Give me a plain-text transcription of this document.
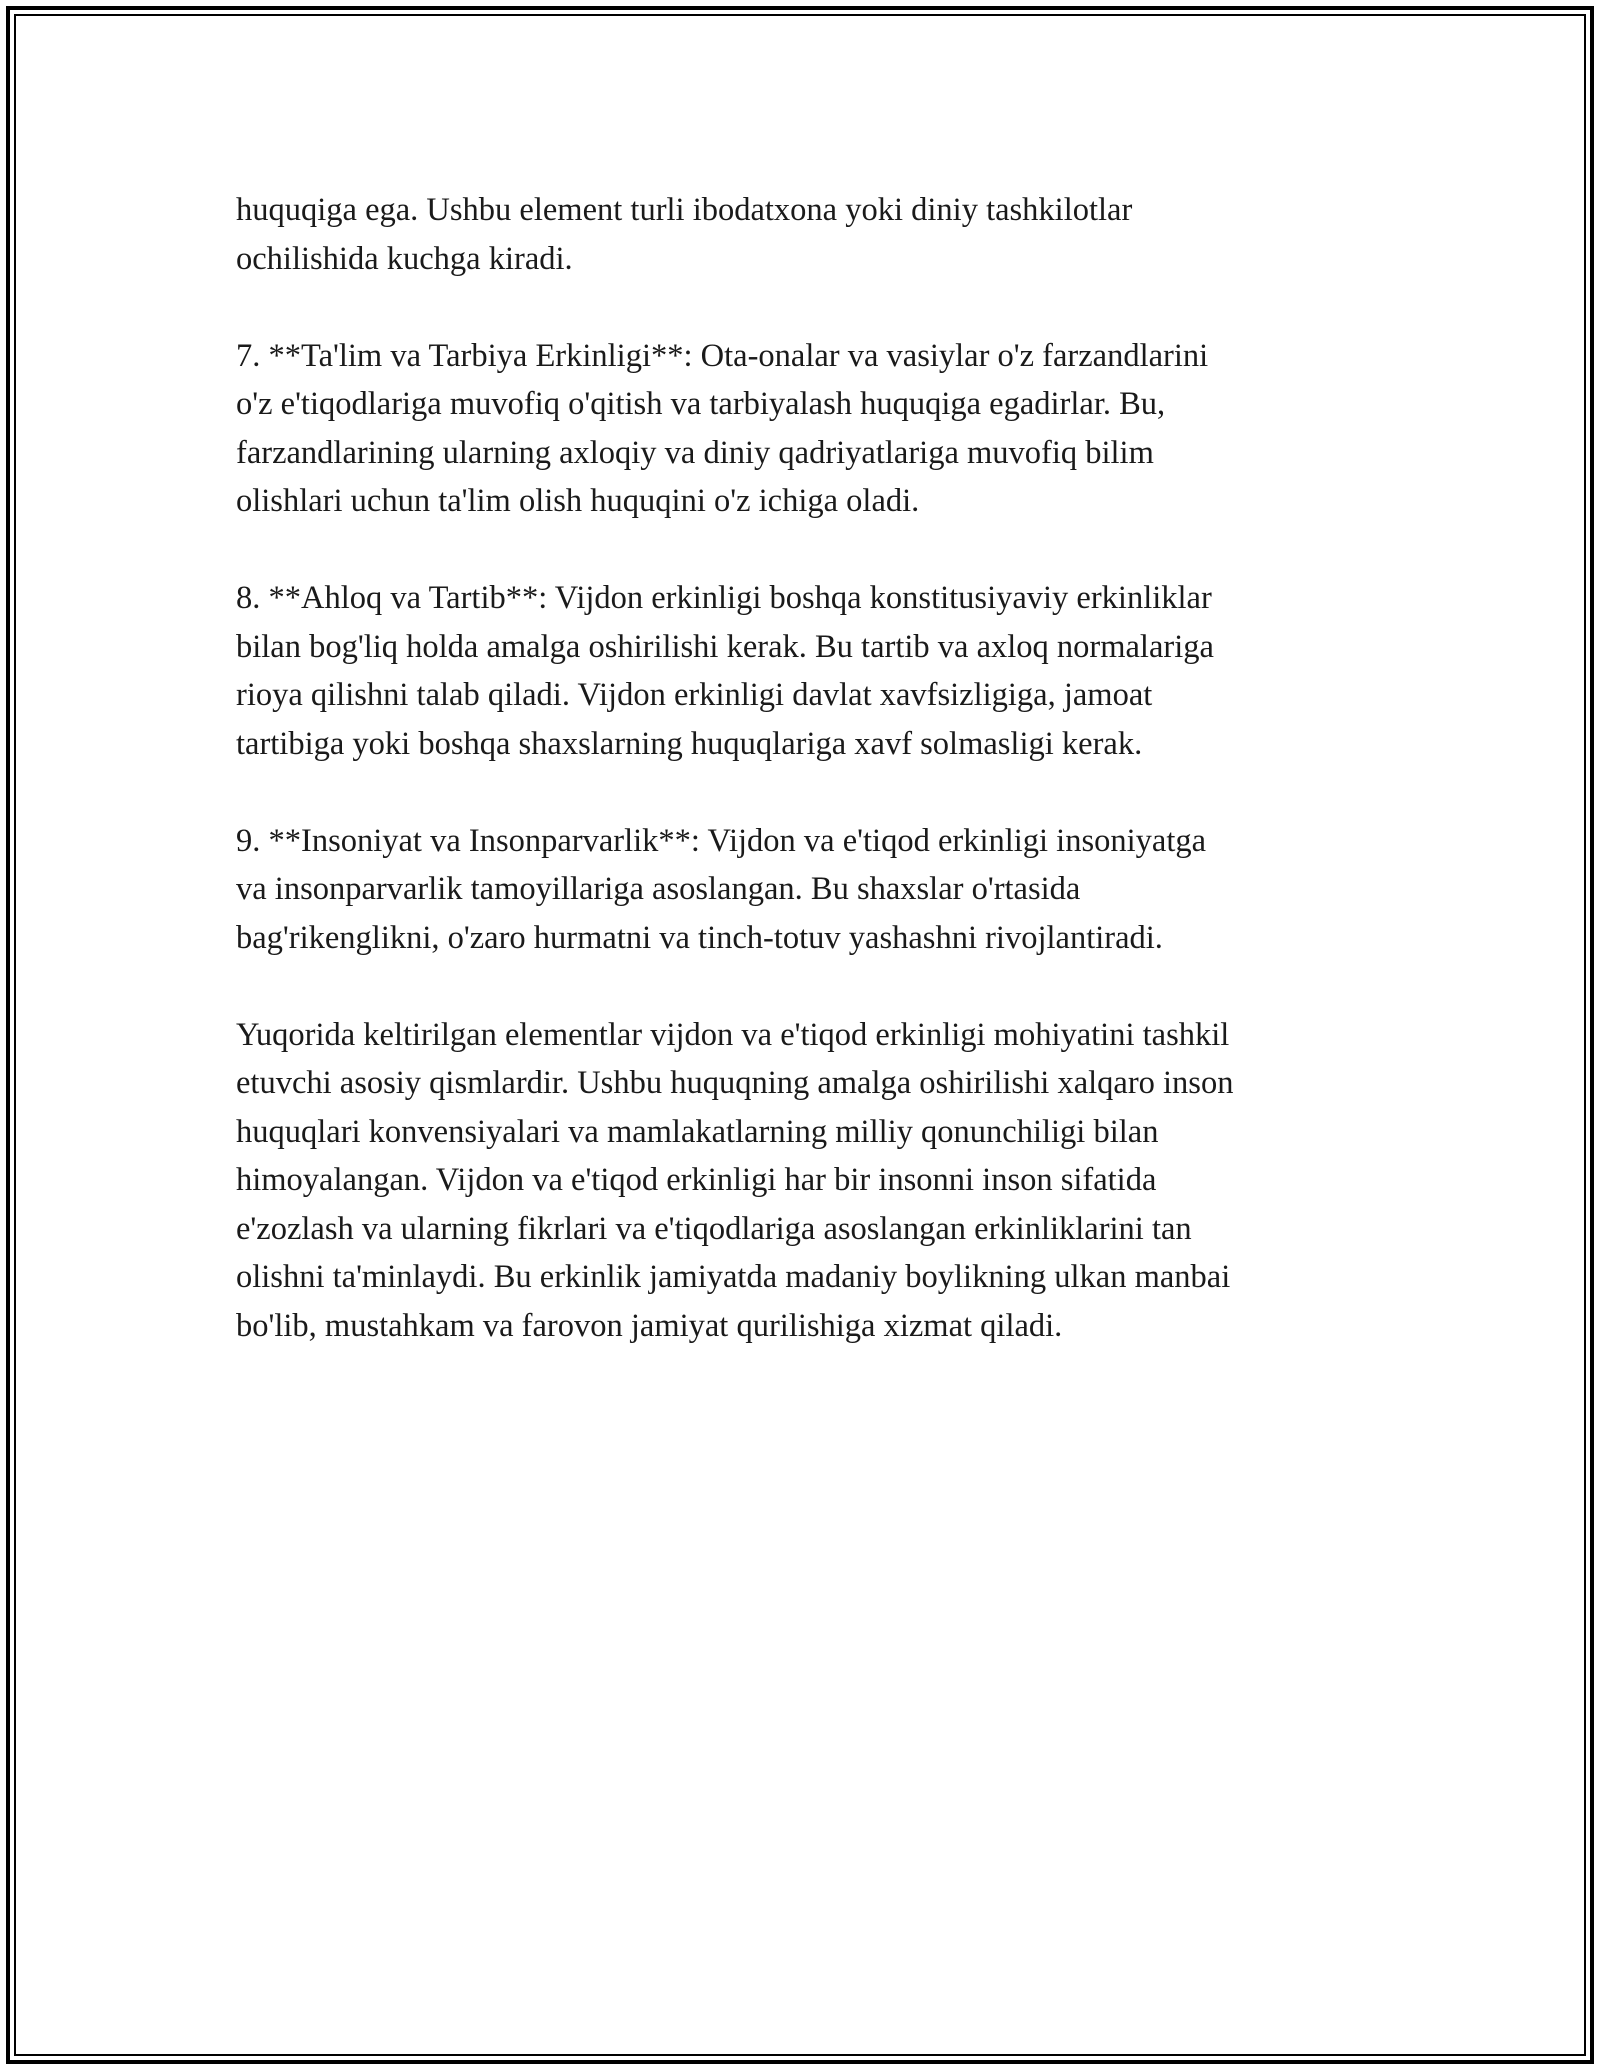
huquqiga ega. Ushbu element turli ibodatxona yoki diniy tashkilotlar
ochilishida kuchga kiradi.

7. **Ta'lim va Tarbiya Erkinligi**: Ota-onalar va vasiylar o'z farzandlarini
o'z e'tiqodlariga muvofiq o'qitish va tarbiyalash huquqiga egadirlar. Bu,
farzandlarining ularning axloqiy va diniy qadriyatlariga muvofiq bilim
olishlari uchun ta'lim olish huquqini o'z ichiga oladi.

8. **Ahloq va Tartib**: Vijdon erkinligi boshqa konstitusiyaviy erkinliklar
bilan bog'liq holda amalga oshirilishi kerak. Bu tartib va axloq normalariga
rioya qilishni talab qiladi. Vijdon erkinligi davlat xavfsizligiga, jamoat
tartibiga yoki boshqa shaxslarning huquqlariga xavf solmasligi kerak.

9. **Insoniyat va Insonparvarlik**: Vijdon va e'tiqod erkinligi insoniyatga
va insonparvarlik tamoyillariga asoslangan. Bu shaxslar o'rtasida
bag'rikenglikni, o'zaro hurmatni va tinch-totuv yashashni rivojlantiradi.

Yuqorida keltirilgan elementlar vijdon va e'tiqod erkinligi mohiyatini tashkil
etuvchi asosiy qismlardir. Ushbu huquqning amalga oshirilishi xalqaro inson
huquqlari konvensiyalari va mamlakatlarning milliy qonunchiligi bilan
himoyalangan. Vijdon va e'tiqod erkinligi har bir insonni inson sifatida
e'zozlash va ularning fikrlari va e'tiqodlariga asoslangan erkinliklarini tan
olishni ta'minlaydi. Bu erkinlik jamiyatda madaniy boylikning ulkan manbai
bo'lib, mustahkam va farovon jamiyat qurilishiga xizmat qiladi.
